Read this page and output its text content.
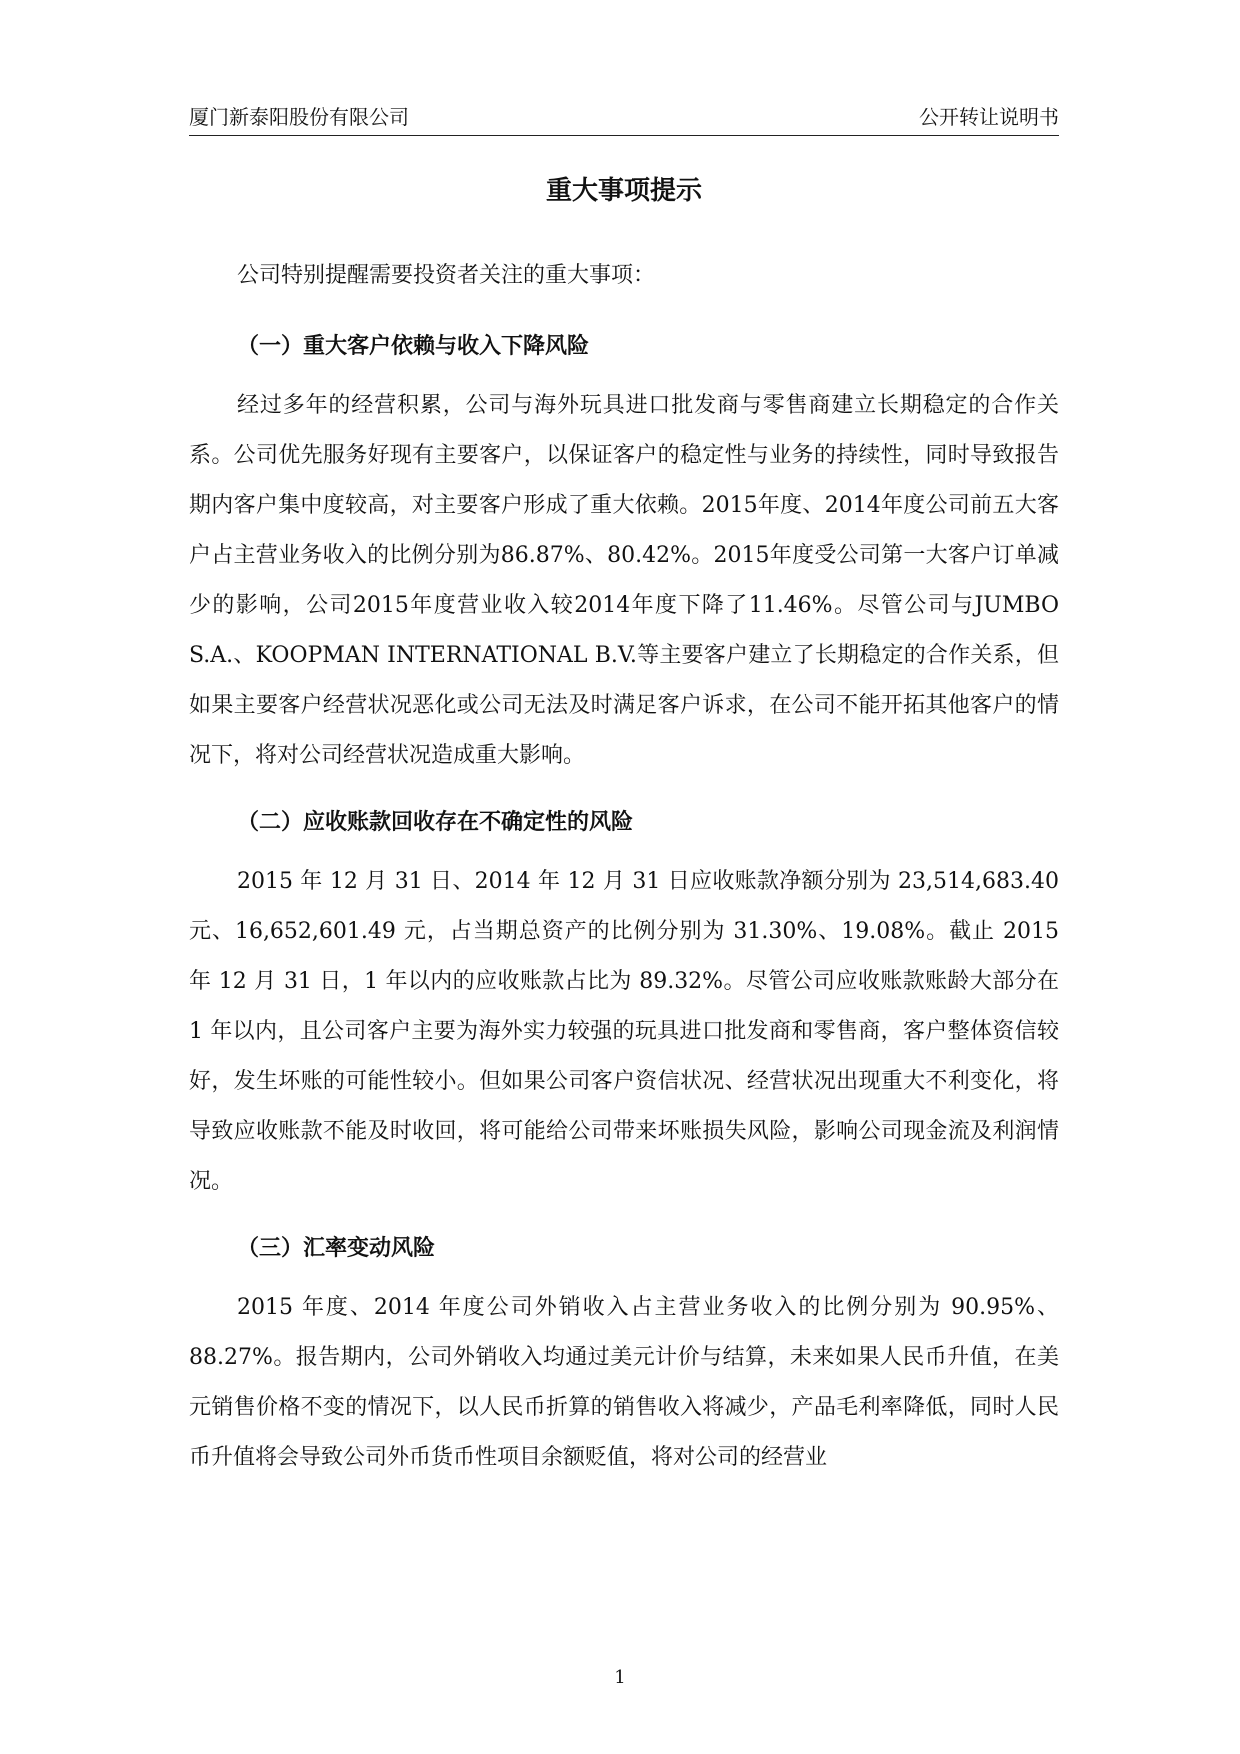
厦门新泰阳股份有限公司	公开转让说明书
重大事项提示

公司特别提醒需要投资者关注的重大事项：

（一）重大客户依赖与收入下降风险

经过多年的经营积累，公司与海外玩具进口批发商与零售商建立长期稳定的合作关系。公司优先服务好现有主要客户，以保证客户的稳定性与业务的持续性，同时导致报告期内客户集中度较高，对主要客户形成了重大依赖。2015年度、2014年度公司前五大客户占主营业务收入的比例分别为86.87%、80.42%。2015年度受公司第一大客户订单减少的影响，公司2015年度营业收入较2014年度下降了11.46%。尽管公司与JUMBO S.A.、KOOPMAN INTERNATIONAL B.V.等主要客户建立了长期稳定的合作关系，但如果主要客户经营状况恶化或公司无法及时满足客户诉求，在公司不能开拓其他客户的情况下，将对公司经营状况造成重大影响。

（二）应收账款回收存在不确定性的风险

2015 年 12 月 31 日、2014 年 12 月 31 日应收账款净额分别为 23,514,683.40 元、16,652,601.49 元，占当期总资产的比例分别为 31.30%、19.08%。截止 2015 年 12 月 31 日，1 年以内的应收账款占比为 89.32%。尽管公司应收账款账龄大部分在 1 年以内，且公司客户主要为海外实力较强的玩具进口批发商和零售商，客户整体资信较好，发生坏账的可能性较小。但如果公司客户资信状况、经营状况出现重大不利变化，将导致应收账款不能及时收回，将可能给公司带来坏账损失风险，影响公司现金流及利润情况。

（三）汇率变动风险

2015 年度、2014 年度公司外销收入占主营业务收入的比例分别为 90.95%、88.27%。报告期内，公司外销收入均通过美元计价与结算，未来如果人民币升值，在美元销售价格不变的情况下，以人民币折算的销售收入将减少，产品毛利率降低，同时人民币升值将会导致公司外币货币性项目余额贬值，将对公司的经营业

1
